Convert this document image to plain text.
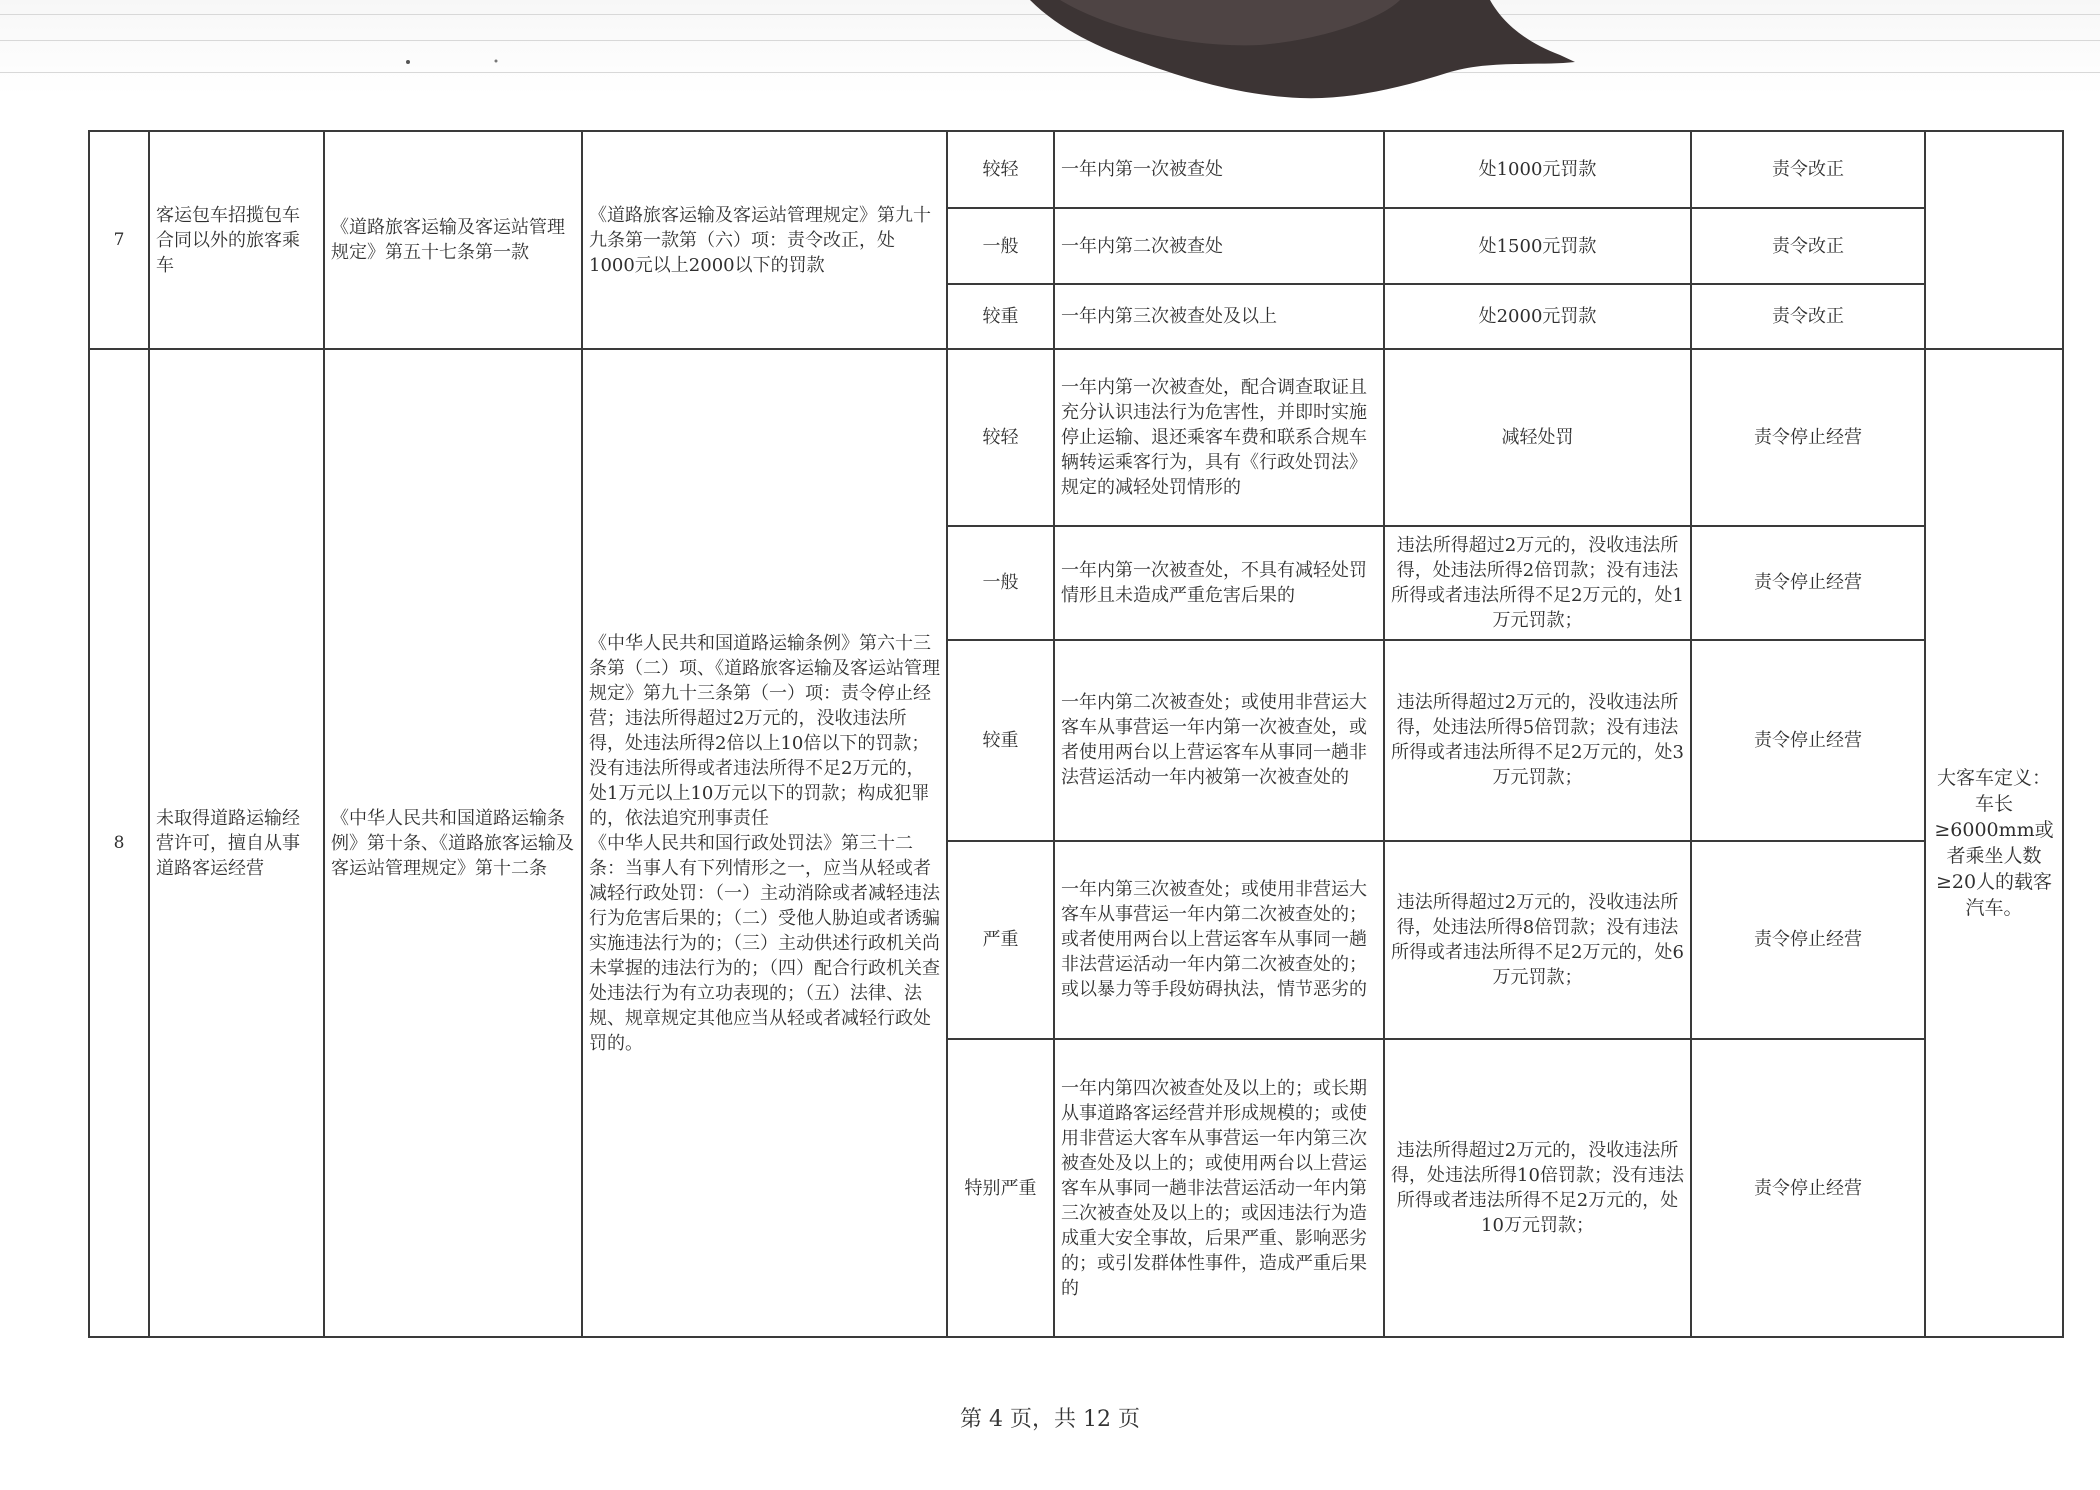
7	客运包车招揽包车合同以外的旅客乘车	《道路旅客运输及客运站管理规定》第五十七条第一款	《道路旅客运输及客运站管理规定》第九十九条第一款第（六）项：责令改正，处1000元以上2000以下的罚款	较轻	一年内第一次被查处	处1000元罚款	责令改正	
				一般	一年内第二次被查处	处1500元罚款	责令改正	
				较重	一年内第三次被查处及以上	处2000元罚款	责令改正	
8	未取得道路运输经营许可，擅自从事道路客运经营	《中华人民共和国道路运输条例》第十条、《道路旅客运输及客运站管理规定》第十二条	《中华人民共和国道路运输条例》第六十三条第（二）项、《道路旅客运输及客运站管理规定》第九十三条第（一）项：责令停止经营；违法所得超过2万元的，没收违法所得，处违法所得2倍以上10倍以下的罚款；没有违法所得或者违法所得不足2万元的，处1万元以上10万元以下的罚款；构成犯罪的，依法追究刑事责任
《中华人民共和国行政处罚法》第三十二条：当事人有下列情形之一，应当从轻或者减轻行政处罚：（一）主动消除或者减轻违法行为危害后果的；（二）受他人胁迫或者诱骗实施违法行为的；（三）主动供述行政机关尚未掌握的违法行为的；（四）配合行政机关查处违法行为有立功表现的；（五）法律、法规、规章规定其他应当从轻或者减轻行政处罚的。	较轻	一年内第一次被查处，配合调查取证且充分认识违法行为危害性，并即时实施停止运输、退还乘客车费和联系合规车辆转运乘客行为，具有《行政处罚法》规定的减轻处罚情形的	减轻处罚	责令停止经营	大客车定义：车长≥6000mm或者乘坐人数≥20人的载客汽车。
				一般	一年内第一次被查处，不具有减轻处罚情形且未造成严重危害后果的	违法所得超过2万元的，没收违法所得，处违法所得2倍罚款；没有违法所得或者违法所得不足2万元的，处1万元罚款；	责令停止经营	
				较重	一年内第二次被查处；或使用非营运大客车从事营运一年内第一次被查处，或者使用两台以上营运客车从事同一趟非法营运活动一年内被第一次被查处的	违法所得超过2万元的，没收违法所得，处违法所得5倍罚款；没有违法所得或者违法所得不足2万元的，处3万元罚款；	责令停止经营	
				严重	一年内第三次被查处；或使用非营运大客车从事营运一年内第二次被查处的；或者使用两台以上营运客车从事同一趟非法营运活动一年内第二次被查处的；或以暴力等手段妨碍执法，情节恶劣的	违法所得超过2万元的，没收违法所得，处违法所得8倍罚款；没有违法所得或者违法所得不足2万元的，处6万元罚款；	责令停止经营	
				特别严重	一年内第四次被查处及以上的；或长期从事道路客运经营并形成规模的；或使用非营运大客车从事营运一年内第三次被查处及以上的；或使用两台以上营运客车从事同一趟非法营运活动一年内第三次被查处及以上的；或因违法行为造成重大安全事故，后果严重、影响恶劣的；或引发群体性事件，造成严重后果的	违法所得超过2万元的，没收违法所得，处违法所得10倍罚款；没有违法所得或者违法所得不足2万元的，处10万元罚款；	责令停止经营	
第 4 页，共 12 页
